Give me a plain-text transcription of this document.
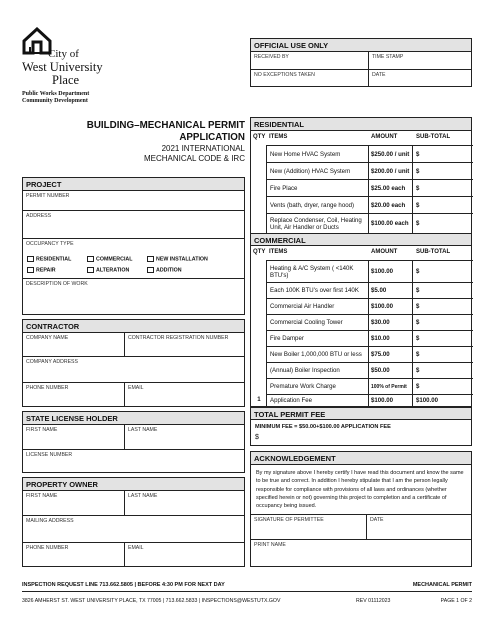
City of
West University
Place
Public Works Department
Community Development
OFFICIAL USE ONLY
RECEIVED BY	TIME STAMP
NO EXCEPTIONS TAKEN	DATE
BUILDING–MECHANICAL PERMIT
APPLICATION
2021 INTERNATIONAL
MECHANICAL CODE & IRC
PROJECT
PERMIT NUMBER
ADDRESS
OCCUPANCY TYPE
RESIDENTIAL	COMMERCIAL	NEW INSTALLATION
REPAIR	ALTERATION	ADDITION
DESCRIPTION OF WORK
CONTRACTOR
COMPANY NAME	CONTRACTOR REGISTRATION NUMBER
COMPANY ADDRESS
PHONE NUMBER	EMAIL
STATE LICENSE HOLDER
FIRST NAME	LAST NAME
LICENSE NUMBER
PROPERTY OWNER
FIRST NAME	LAST NAME
MAILING ADDRESS
PHONE NUMBER	EMAIL
RESIDENTIAL
QTY ITEMS	AMOUNT	SUB-TOTAL
New Home HVAC System	$250.00 / unit	$
New (Addition) HVAC System	$200.00 / unit	$
Fire Place	$25.00 each	$
Vents (bath, dryer, range hood)	$20.00 each	$
Replace Condenser, Coil, Heating Unit, Air Handler or Ducts	$100.00 each	$
COMMERCIAL
QTY ITEMS	AMOUNT	SUB-TOTAL
Heating & A/C System ( <140K BTU's)	$100.00	$
Each 100K BTU's over first 140K	$5.00	$
Commercial Air Handler	$100.00	$
Commercial Cooling Tower	$30.00	$
Fire Damper	$10.00	$
New Boiler 1,000,000 BTU or less	$75.00	$
(Annual) Boiler Inspection	$50.00	$
Premature Work Charge	100% of Permit	$
1	Application Fee	$100.00	$100.00
TOTAL PERMIT FEE
MINIMUM FEE = $50.00+$100.00 APPLICATION FEE
$
ACKNOWLEDGEMENT
By my signature above I hereby certify I have read this document and know the same to be true and correct. In addition I hereby stipulate that I am the person legally responsible for compliance with provisions of all laws and ordinances (whether specified herein or not) governing this project to completion and a certificate of occupancy being issued.
SIGNATURE OF PERMITTEE	DATE
PRINT NAME
INSPECTION REQUEST LINE 713.662.5805 | BEFORE 4:30 PM FOR NEXT DAY	MECHANICAL PERMIT
3826 AMHERST ST. WEST UNIVERSITY PLACE, TX 77005 | 713.662.5833 | INSPECTIONS@WESTUTX.GOV	REV 01112023	PAGE 1 OF 2
